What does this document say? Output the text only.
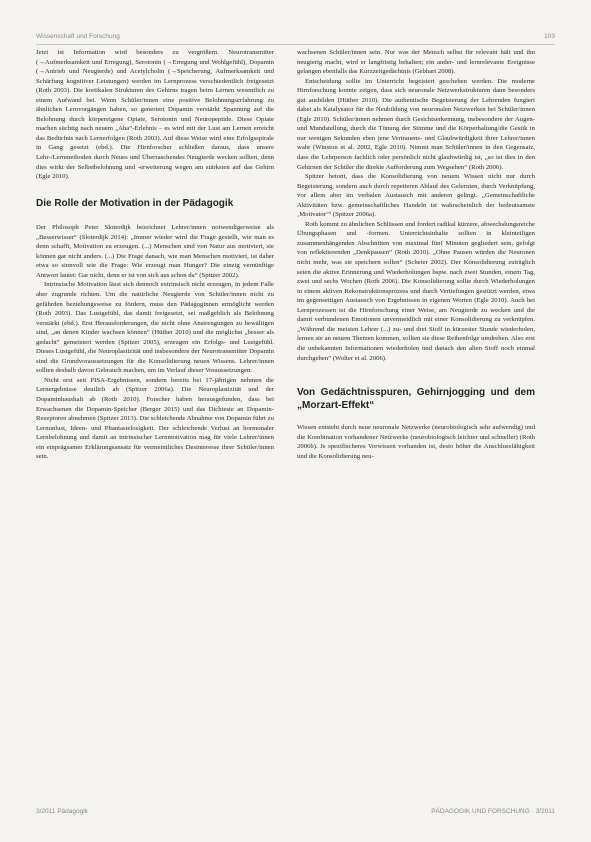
Wissenschaft und Forschung	103

Jetzt ist Information wird besonders zu vergrößern. Neurotransmitter (→Aufmerksamkeit und Erregung), Serotonin (→Erregung und Wohlgefühl), Dopamin (→Antrieb und Neugierde) und Acetylcholin (→Speicherung, Aufmerksamkeit und Schärfung kognitiver Leistungen) werden im Lernprozess verschiedentlich freigesetzt (Roth 2003). Die kortikalen Strukturen des Gehirns tragen beim Lernen wesentlich zu einem Aufwand bei. Wenn Schüler/innen eine positive Belohnungserfahrung zu ähnlichen Lernvorgängen haben, so generiert Dopamin verstärkt Spannung auf die Belohnung durch körpereigene Opiate, Serotonin und Neuropeptide. Diese Opiate machen süchtig nach neuem „Aha“-Erlebnis – es wird mit der Lust am Lernen erreicht das Bedürfnis nach Lernerfolgen (Roth 2003). Auf diese Weise wird eine Erfolgsspirale in Gang gesetzt (ebd.). Die Hirnforscher schließen daraus, dass unsere Lehr-/Lernmethoden durch Neues und Überraschendes Neugierde wecken sollten, denn dies wirkt der Selbstbelohnung und -erweiterung wegen am stärksten auf das Gehirn (Egle 2010).

Die Rolle der Motivation in der Pädagogik

Der Philosoph Peter Sloterdijk bezeichnet Lehrer/innen notwendigerweise als „Besserwisser“ (Sloterdijk 2014): „Immer wieder wird die Frage gestellt, wie man es denn schafft, Motivation zu erzeugen. (...) Menschen sind von Natur aus motiviert, sie können gar nicht anders. (...) Die Frage danach, wie man Menschen motiviert, ist daher etwa so sinnvoll wie die Frage: Wie erzeugt man Hunger? Die einzig vernünftige Antwort lautet: Gar nicht, denn er ist von sich aus schon da“ (Spitzer 2002).

Intrinsische Motivation lässt sich dennoch extrinsisch nicht erzeugen, in jedem Falle aber zugrunde richten. Um die natürliche Neugierde von Schüler/innen nicht zu gefährden beziehungsweise zu fördern, muss den Pädagoginnen ermöglicht werden (Roth 2003). Das Lustgefühl, das damit freigesetzt, sei maßgeblich als Belohnung verstärkt (ebd.). Erst Herausforderungen, die nicht ohne Anstrengungen zu bewältigen sind, „an denen Kinder wachsen können“ (Hüther 2010) und die möglichst „besser als gedacht“ gemeistert werden (Spitzer 2005), erzeugen ein Erfolgs- und Lustgefühl. Dieses Lustgefühl, die Neuroplastizität und insbesondere der Neurotransmitter Dopamin sind die Grundvoraussetzungen für die Konsolidierung neuen Wissens. Lehrer/innen sollten deshalb davon Gebrauch machen, um im Verlauf dieser Voraussetzungen.

Nicht erst seit PISA-Ergebnissen, sondern bereits bei 17-jährigen nehmen die Lernergebnisse deutlich ab (Spitzer 2006a). Die Neuroplastizität und der Dopaminhaushalt ab (Roth 2010). Forscher haben herausgefunden, dass bei Erwachsenen die Dopamin-Speicher (Berger 2015) und das Dichteste an Dopamin-Rezeptoren abnehmen (Spitzer 2013). Die schleichende Abnahme von Dopamin führt zu Lernunlust, Ideen- und Phantasielosigkeit. Der schleichende Verlust an hormonaler Lernbelohnung und damit an intrinsischer Lernmotivation mag für viele Lehrer/innen ein einprägsamer Erklärungsansatz für vermeintliches Desinteresse ihrer Schüler/innen sein.

wachsenen Schüler/innen sein. Nur was der Mensch selbst für relevant hält und ihn neugierig macht, wird er langfristig behalten; ein ander- und lernrelevante Ereignisse gelangen ebenfalls das Kurzzeitgedächtnis (Gebhart 2008).

Entscheidung sollte im Unterricht begeistert geschehen werden. Die moderne Hirnforschung konnte zeigen, dass sich neuronale Netzwerkstrukturen dann besonders gut ausbilden (Hüther 2010). Die authentische Begeisterung der Lehrenden fungiert dabei als Katalysator für die Neubildung von neuronalen Netzwerken bei Schüler/innen (Egle 2010). Schüler/innen nehmen durch Gesichtserkennung, insbesondere der Augen- und Mundstellung, durch die Tönung der Stimme und die Körperhaltung/die Gestik in nur wenigen Sekunden eben jene Vertrauens- und Glaubwürdigkeit ihrer Lehrer/innen wahr (Winston et al. 2002, Egle 2010). Nimmt man Schüler/innen in den Gegensatz, dass die Lehrperson fachlich oder persönlich nicht glaubwürdig ist, „so ist dies in den Gehirnen der Schüler die direkte Aufforderung zum Wegsehen“ (Roth 2006).

Spitzer betont, dass die Konsolidierung von neuem Wissen nicht nur durch Begeisterung, sondern auch durch repetieren Ablauf des Gelernten, durch Verknüpfung, vor allem aber im verbalen Austausch mit anderen gelingt. „Gemeinschaftliche Aktivitäten bzw. gemeinschaftliches Handeln ist wahrscheinlich der bedeutsamste ‚Motivator‘“ (Spitzer 2006a).

Roth kommt zu ähnlichen Schlüssen und fordert radikal kürzere, abwechslungsreiche Übungsphasen und -formen. Unterrichtsinhalte sollten in kleinteiligen zusammenhängenden Abschnitten von maximal fünf Minuten gegliedert sein, gefolgt von reflektierenden „Denkpausen“ (Roth 2010). „Ohne Pausen würden die Neuronen nicht mehr, was sie speichern sollen“ (Scheier 2002). Der Konsolidierung zuträglich seien die aktive Erinnerung und Wiederholungen bspw. nach zwei Stunden, einem Tag, zwei und sechs Wochen (Roth 2006). Die Konsolidierung sollte durch Wiederholungen in einem aktiven Rekonstruktionsprozess und durch Vertiefungen gestützt werden, etwa im gegenseitigen Austausch von Ergebnissen in eigenen Worten (Egle 2010). Auch bei Lernprozessen ist die Hirnforschung einer Weise, am Neugierde zu wecken und die damit verbundenen Emotionen unvermeidlich mit einer Konsolidierung zu verknüpfen. „Während die meisten Lehrer (...) zu- und drei Stoff in kürzester Stunde wiederholen, lernen sie an neuem Themen kommen, sollten sie diese Reihenfolge umdrehen. Also erst die unbekannten Informationen wiederholen und danach den alten Stoff noch einmal durchgehen“ (Wolter et al. 2006).

Von Gedächtnisspuren, Gehirnjogging und dem „Morzart-Effekt“

Wissen entsteht durch neue neuronale Netzwerke (neurobiologisch sehr aufwendig) und die Kombination vorhandener Netzwerke (neurobiologisch leichter und schneller) (Roth 2006b). Je spezifischeres Vorwissen vorhanden ist, desto höher die Anschlussfähigkeit und die Konsolidierung neu-

3/2011 Pädagogik	PÄDAGOGIK UND FORSCHUNG · 3/2011
